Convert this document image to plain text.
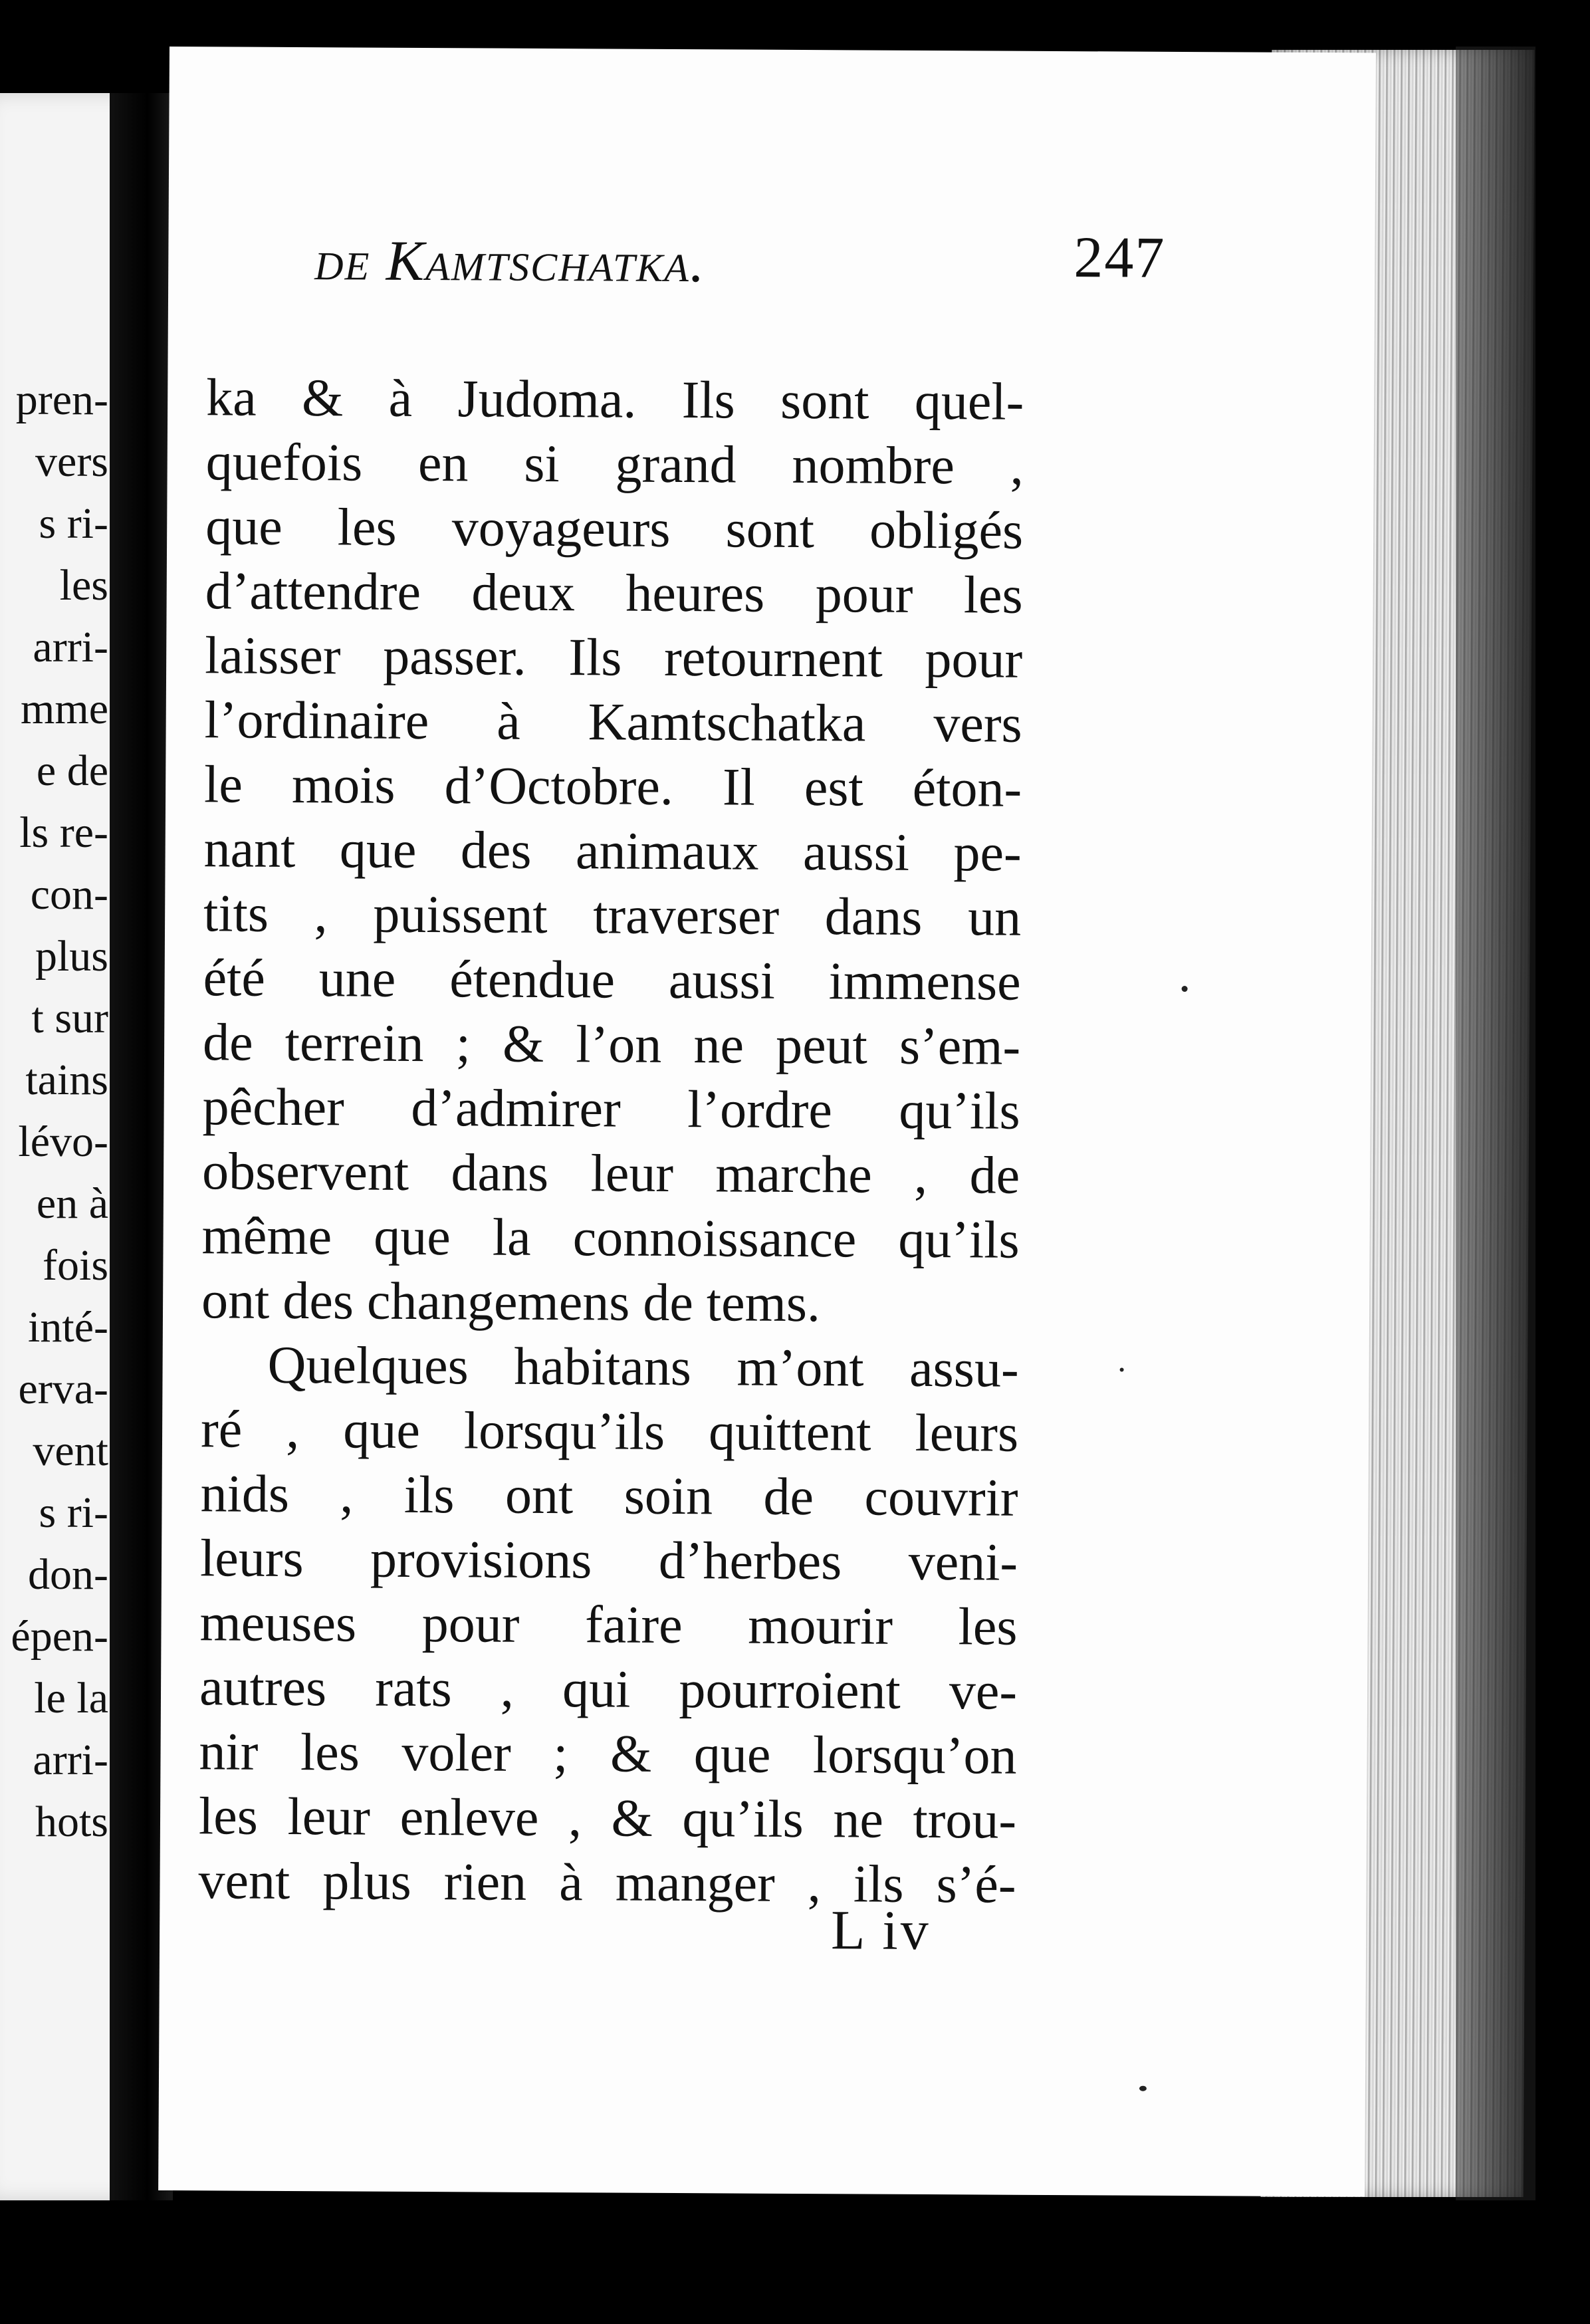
pren-
vers
s ri-
les
arri-
mme
e de
ls re-
con-
plus
t sur
tains
lévo-
en à
fois
inté-
erva-
vent
s ri-
don-
épen-
le la
arri-
hots
de Kamtschatka.	247
ka & à Judoma. Ils sont quel-
quefois en si grand nombre ,
que les voyageurs sont obligés
d’attendre deux heures pour les
laisser passer. Ils retournent pour
l’ordinaire à Kamtschatka vers
le mois d’Octobre. Il est éton-
nant que des animaux aussi pe-
tits , puissent traverser dans un
été une étendue aussi immense
de terrein ; & l’on ne peut s’em-
pêcher d’admirer l’ordre qu’ils
observent dans leur marche , de
même que la connoissance qu’ils
ont des changemens de tems.
Quelques habitans m’ont assu-
ré , que lorsqu’ils quittent leurs
nids , ils ont soin de couvrir
leurs provisions d’herbes veni-
meuses pour faire mourir les
autres rats , qui pourroient ve-
nir les voler ; & que lorsqu’on
les leur enleve , & qu’ils ne trou-
vent plus rien à manger , ils s’é-
L iv
